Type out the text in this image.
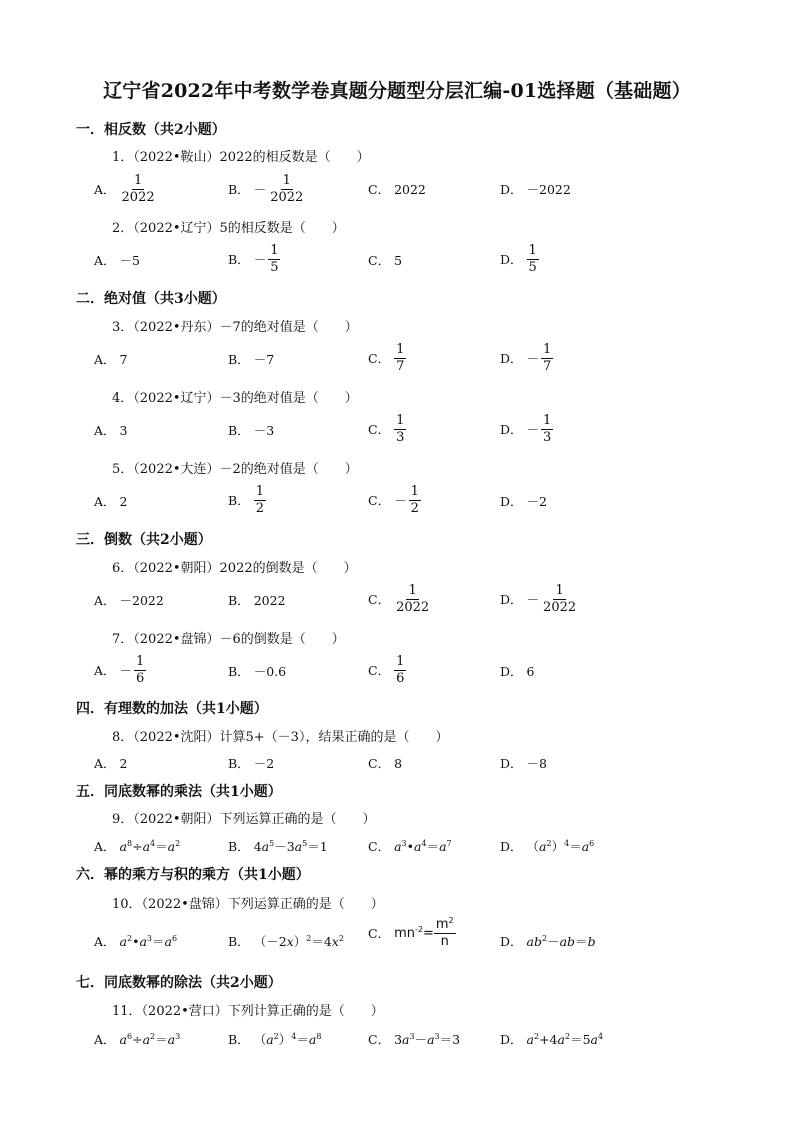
辽宁省2022年中考数学卷真题分题型分层汇编-01选择题（基础题）
一．相反数（共2小题）
1．（2022•鞍山）2022的相反数是（　　）
A． $\frac{1}{2022}$	B． － $\frac{1}{2022}$	C． 2022	D． －2022
2．（2022•辽宁）5的相反数是（　　）
A． －5	B． － $\frac{1}{5}$	C． 5	D． $\frac{1}{5}$
二．绝对值（共3小题）
3．（2022•丹东）－7的绝对值是（　　）
A． 7	B． －7	C． $\frac{1}{7}$	D． － $\frac{1}{7}$
4．（2022•辽宁）－3的绝对值是（　　）
A． 3	B． －3	C． $\frac{1}{3}$	D． － $\frac{1}{3}$
5．（2022•大连）－2的绝对值是（　　）
A． 2	B． $\frac{1}{2}$	C． － $\frac{1}{2}$	D． －2
三．倒数（共2小题）
6．（2022•朝阳）2022的倒数是（　　）
A． －2022	B． 2022	C． $\frac{1}{2022}$	D． － $\frac{1}{2022}$
7．（2022•盘锦）－6的倒数是（　　）
A． － $\frac{1}{6}$	B． －0.6	C． $\frac{1}{6}$	D． 6
四．有理数的加法（共1小题）
8．（2022•沈阳）计算5+（－3），结果正确的是（　　）
A． 2	B． －2	C． 8	D． －8
五．同底数幂的乘法（共1小题）
9．（2022•朝阳）下列运算正确的是（　　）
A． $a^8\div a^4=a^2$	B． $4a^5-3a^5=1$	C． $a^3•a^4=a^7$	D． $(a^2)^4=a^6$
六．幂的乘方与积的乘方（共1小题）
10．（2022•盘锦）下列运算正确的是（　　）
A． $a^2•a^3=a^6$	B． $(-2x)^2=4x^2$ C． $mn^{-2}= \frac{m^2}{n}$	D． $ab^2-ab=b$
七．同底数幂的除法（共2小题）
11．（2022•营口）下列计算正确的是（　　）
A． $a^6\div a^2=a^3$	B． $(a^2)^4=a^8$	C． $3a^3-a^3=3$	D． $a^2+4a^2=5a^4$
